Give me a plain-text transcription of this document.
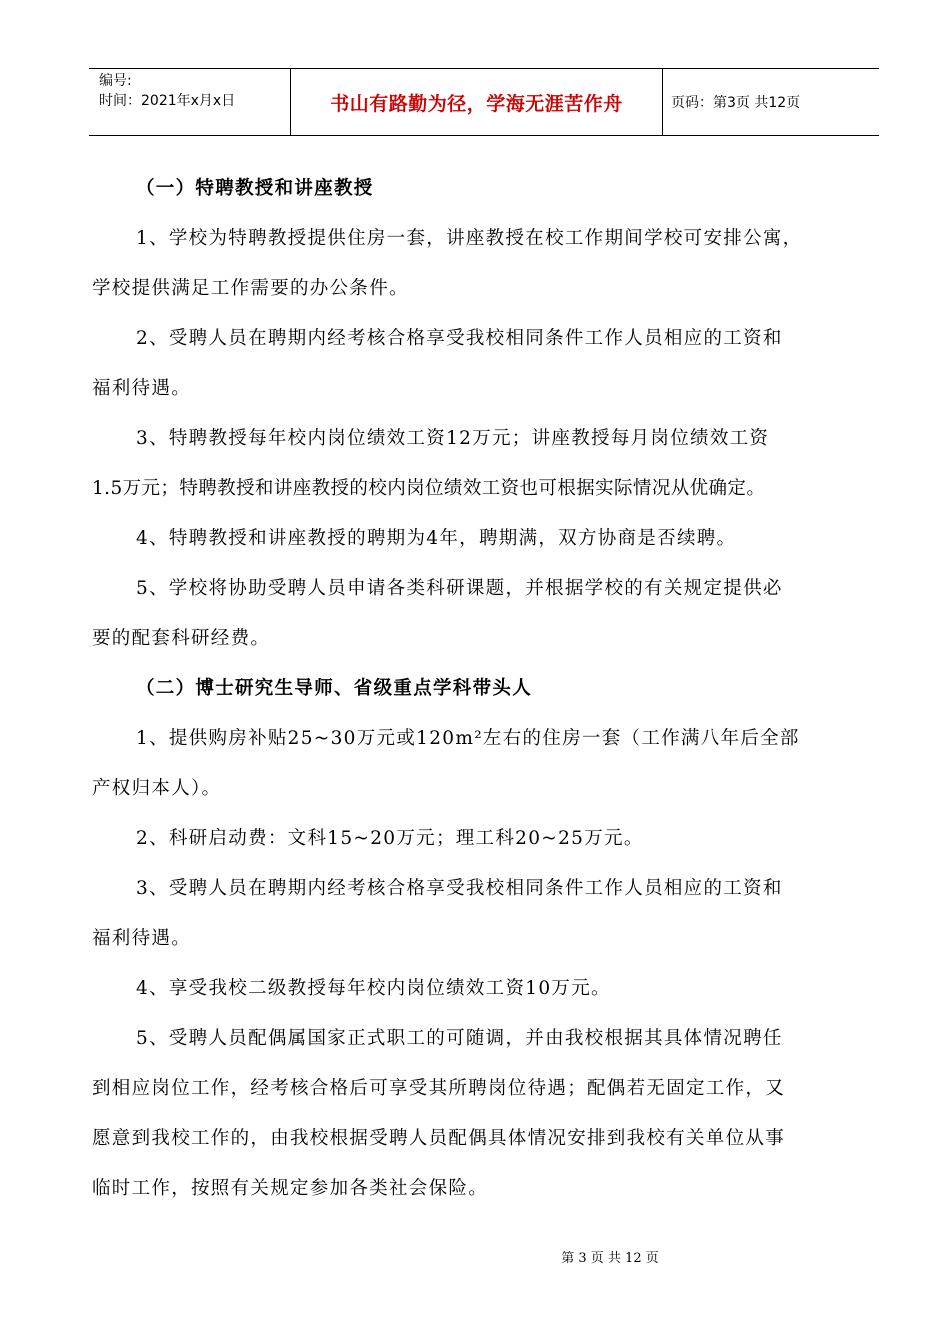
编号:
时间：2021年x月x日	书山有路勤为径，学海无涯苦作舟	页码：第3页 共12页
（一）特聘教授和讲座教授
1、学校为特聘教授提供住房一套，讲座教授在校工作期间学校可安排公寓，
学校提供满足工作需要的办公条件。
2、受聘人员在聘期内经考核合格享受我校相同条件工作人员相应的工资和
福利待遇。
3、特聘教授每年校内岗位绩效工资12万元；讲座教授每月岗位绩效工资
1.5万元；特聘教授和讲座教授的校内岗位绩效工资也可根据实际情况从优确定。
4、特聘教授和讲座教授的聘期为4年，聘期满，双方协商是否续聘。
5、学校将协助受聘人员申请各类科研课题，并根据学校的有关规定提供必
要的配套科研经费。
（二）博士研究生导师、省级重点学科带头人
1、提供购房补贴25~30万元或120m²左右的住房一套（工作满八年后全部
产权归本人）。
2、科研启动费：文科15~20万元；理工科20~25万元。
3、受聘人员在聘期内经考核合格享受我校相同条件工作人员相应的工资和
福利待遇。
4、享受我校二级教授每年校内岗位绩效工资10万元。
5、受聘人员配偶属国家正式职工的可随调，并由我校根据其具体情况聘任
到相应岗位工作，经考核合格后可享受其所聘岗位待遇；配偶若无固定工作，又
愿意到我校工作的，由我校根据受聘人员配偶具体情况安排到我校有关单位从事
临时工作，按照有关规定参加各类社会保险。
第 3 页 共 12 页
